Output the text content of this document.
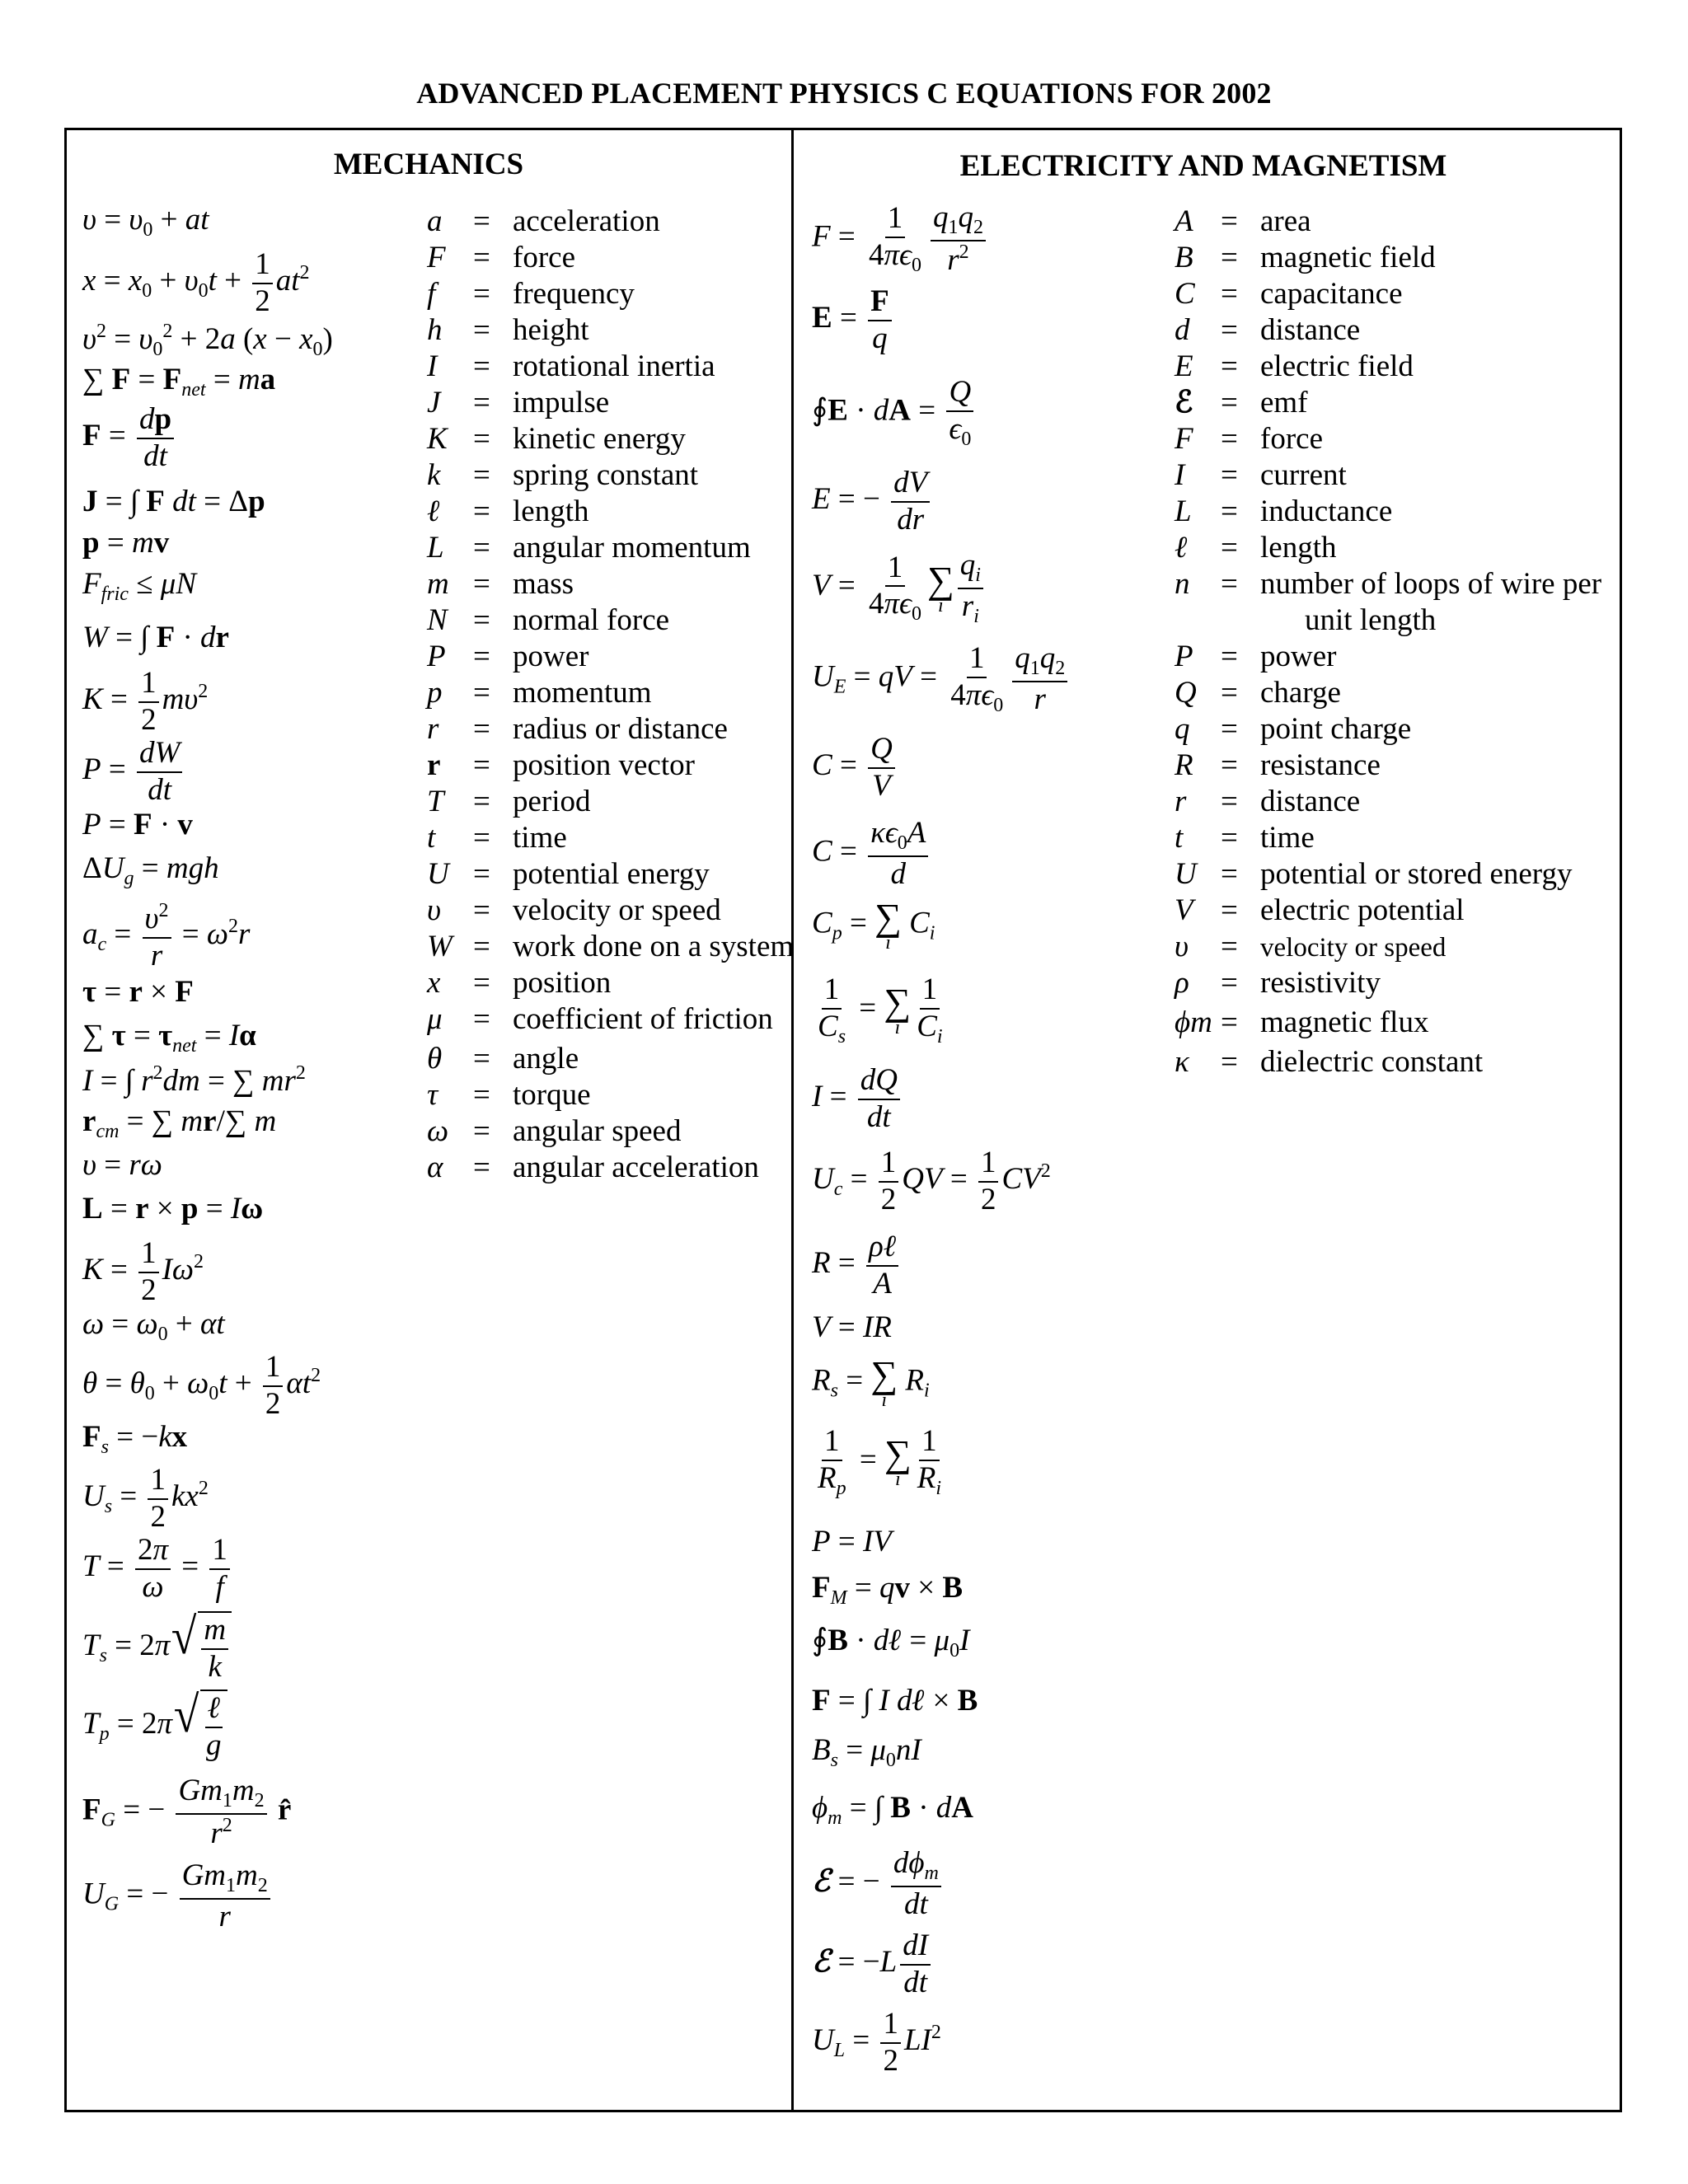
ADVANCED PLACEMENT PHYSICS C EQUATIONS FOR 2002
MECHANICS	ELECTRICITY AND MAGNETISM
$\upsilon = \upsilon_0$ + at
$x = x_0 + \upsilon_0t + \frac{1}{2} at^2$
$\upsilon^2 = \upsilon_0^2 + 2a$ $(x - x_0)$
∑ $F = F_{net}$ = ma
$F = \frac{dp}{dt}$
J = ∫ F dt = Δp
p = mv
$F_{fric} \le \mu N$
W = ∫ F · dr
$K = \frac{1}{2} m\upsilon^2$
$P = \frac{dW}{dt}$
P = F · v
$\Delta U_g$ = mgh
$a_c = \frac{\upsilon^2}{r} = \omega^2r$
τ = r × F
∑ $\tau = \tau_{net} = I\alpha$
I = ∫ $r^2dm$ = ∑ $mr^2$
$r_{cm}$ = ∑ mr/∑ m
υ = rω
L = r × p = Iω
$K = \frac{1}{2} I\omega^2$
$\omega = \omega_0 + \alpha t$
$\theta = \theta_0 + \omega_0t + \frac{1}{2} \alpha t^2$
$F_s = -kx$
$U_s = \frac{1}{2} kx^2$
$T = \frac{2\pi}{\omega} = \frac{1}{f}$
$T_s = 2\pi$ √ $\frac{m}{k}$
$T_p = 2\pi$ √ $\frac{\text{ℓ}}{g}$
$F_G$ = − $\frac{Gm_1m_2}{r^2}$ r̂
$U_G$ = − $\frac{Gm_1m_2}{r}$
a = acceleration
F = force
f = frequency
h = height
I = rotational inertia
J = impulse
K = kinetic energy
k = spring constant
ℓ = length
L = angular momentum
m = mass
N = normal force
P = power
p = momentum
r = radius or distance
r = position vector
T = period
t = time
U = potential energy
υ = velocity or speed
W = work done on a system
x = position
μ = coefficient of friction
θ = angle
τ = torque
ω = angular speed
α = angular acceleration
$F = \frac{1}{4\pi\epsilon_0} \frac{q_1q_2}{r^2}$
$E = \frac{F}{q}$
∮E · dA = $\frac{Q}{\epsilon_0}$
E = − $\frac{dV}{dr}$
$V = \frac{1}{4\pi\epsilon_0}$ ∑
i $\frac{q_i}{r_i}$
$U_E$ = qV = $\frac{1}{4\pi\epsilon_0} \frac{q_1q_2}{r}$
$C = \frac{Q}{V}$
$C = \frac{\kappa\epsilon_0A}{d}$
$C_p$ = ∑
i
$C_i$
$\frac{1}{C_s}$ = ∑
i $\frac{1}{C_i}$
$I = \frac{dQ}{dt}$
$U_c = \frac{1}{2}$ QV = $\frac{1}{2} CV^2$
$R = \frac{\text{ρℓ}}{A}$
V = IR
$R_s$ = ∑
i
$R_i$
$\frac{1}{R_p}$ = ∑
i $\frac{1}{R_i}$
P = IV
$F_M$ = qv × B
∮B · dℓ = $\mu_0I$
F = ∫ I dℓ × B
$B_s = \mu_0nI$
$\phi_m$ = ∫ B · dA
ℰ = − $\frac{d\phi_m}{dt}$
ℰ = $-L \frac{dI}{dt}$
$U_L = \frac{1}{2} LI^2$
A = area
B = magnetic field
C = capacitance
d = distance
E = electric field
ℰ = emf
F = force
I = current
L = inductance
ℓ = length
n = number of loops of wire per
unit length
P = power
Q = charge
q = point charge
R = resistance
r = distance
t = time
U = potential or stored energy
V = electric potential
υ = velocity or speed
ρ = resistivity
ϕm = magnetic flux
κ = dielectric constant
